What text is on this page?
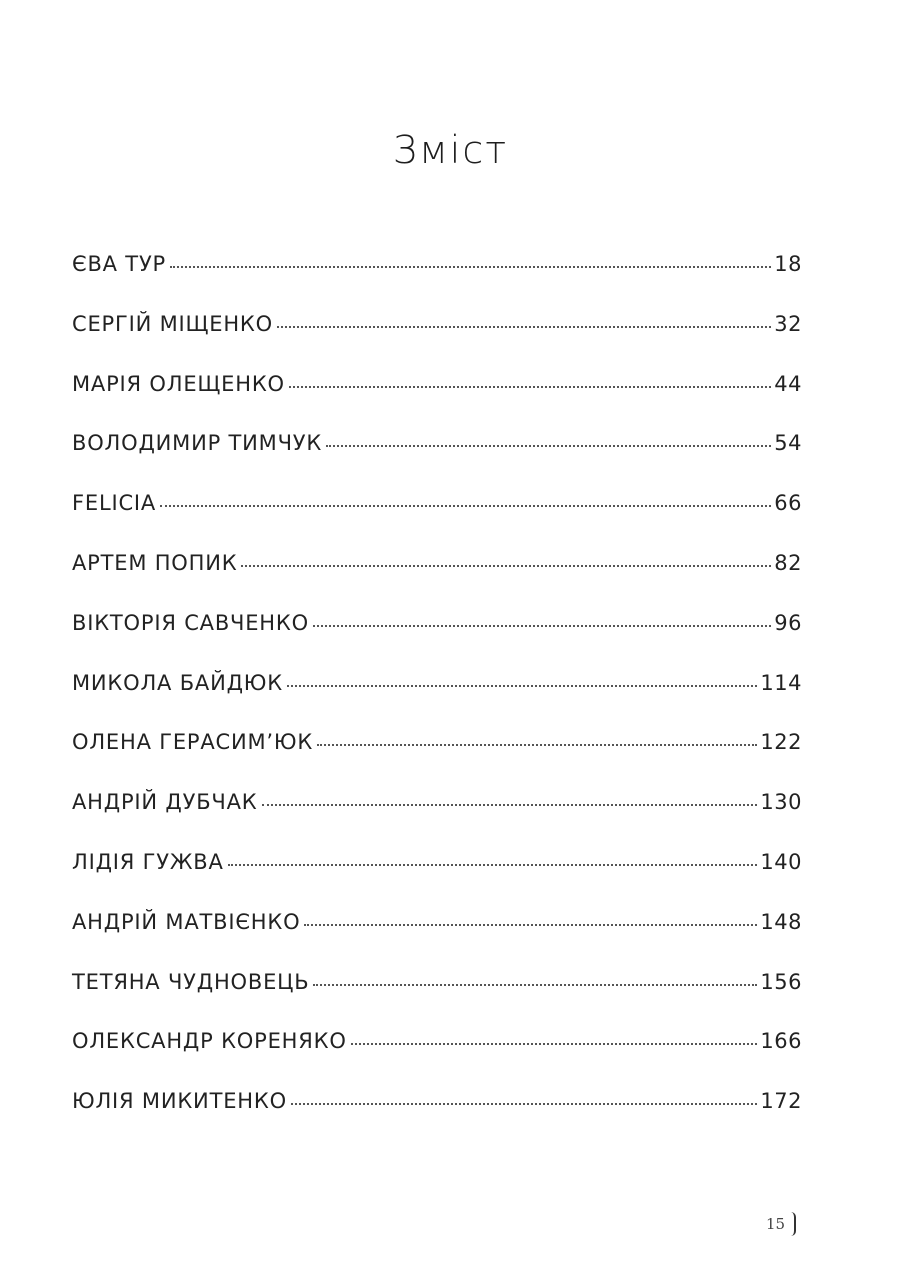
Зміст
ЄВА ТУР	18
СЕРГІЙ МІЩЕНКО	32
МАРІЯ ОЛЕЩЕНКО	44
ВОЛОДИМИР ТИМЧУК	54
FELICIA	66
АРТЕМ ПОПИК	82
ВІКТОРІЯ САВЧЕНКО	96
МИКОЛА БАЙДЮК	114
ОЛЕНА ГЕРАСИМ’ЮК	122
АНДРІЙ ДУБЧАК	130
ЛІДІЯ ГУЖВА	140
АНДРІЙ МАТВІЄНКО	148
ТЕТЯНА ЧУДНОВЕЦЬ	156
ОЛЕКСАНДР КОРЕНЯКО	166
ЮЛІЯ МИКИТЕНКО	172
15
